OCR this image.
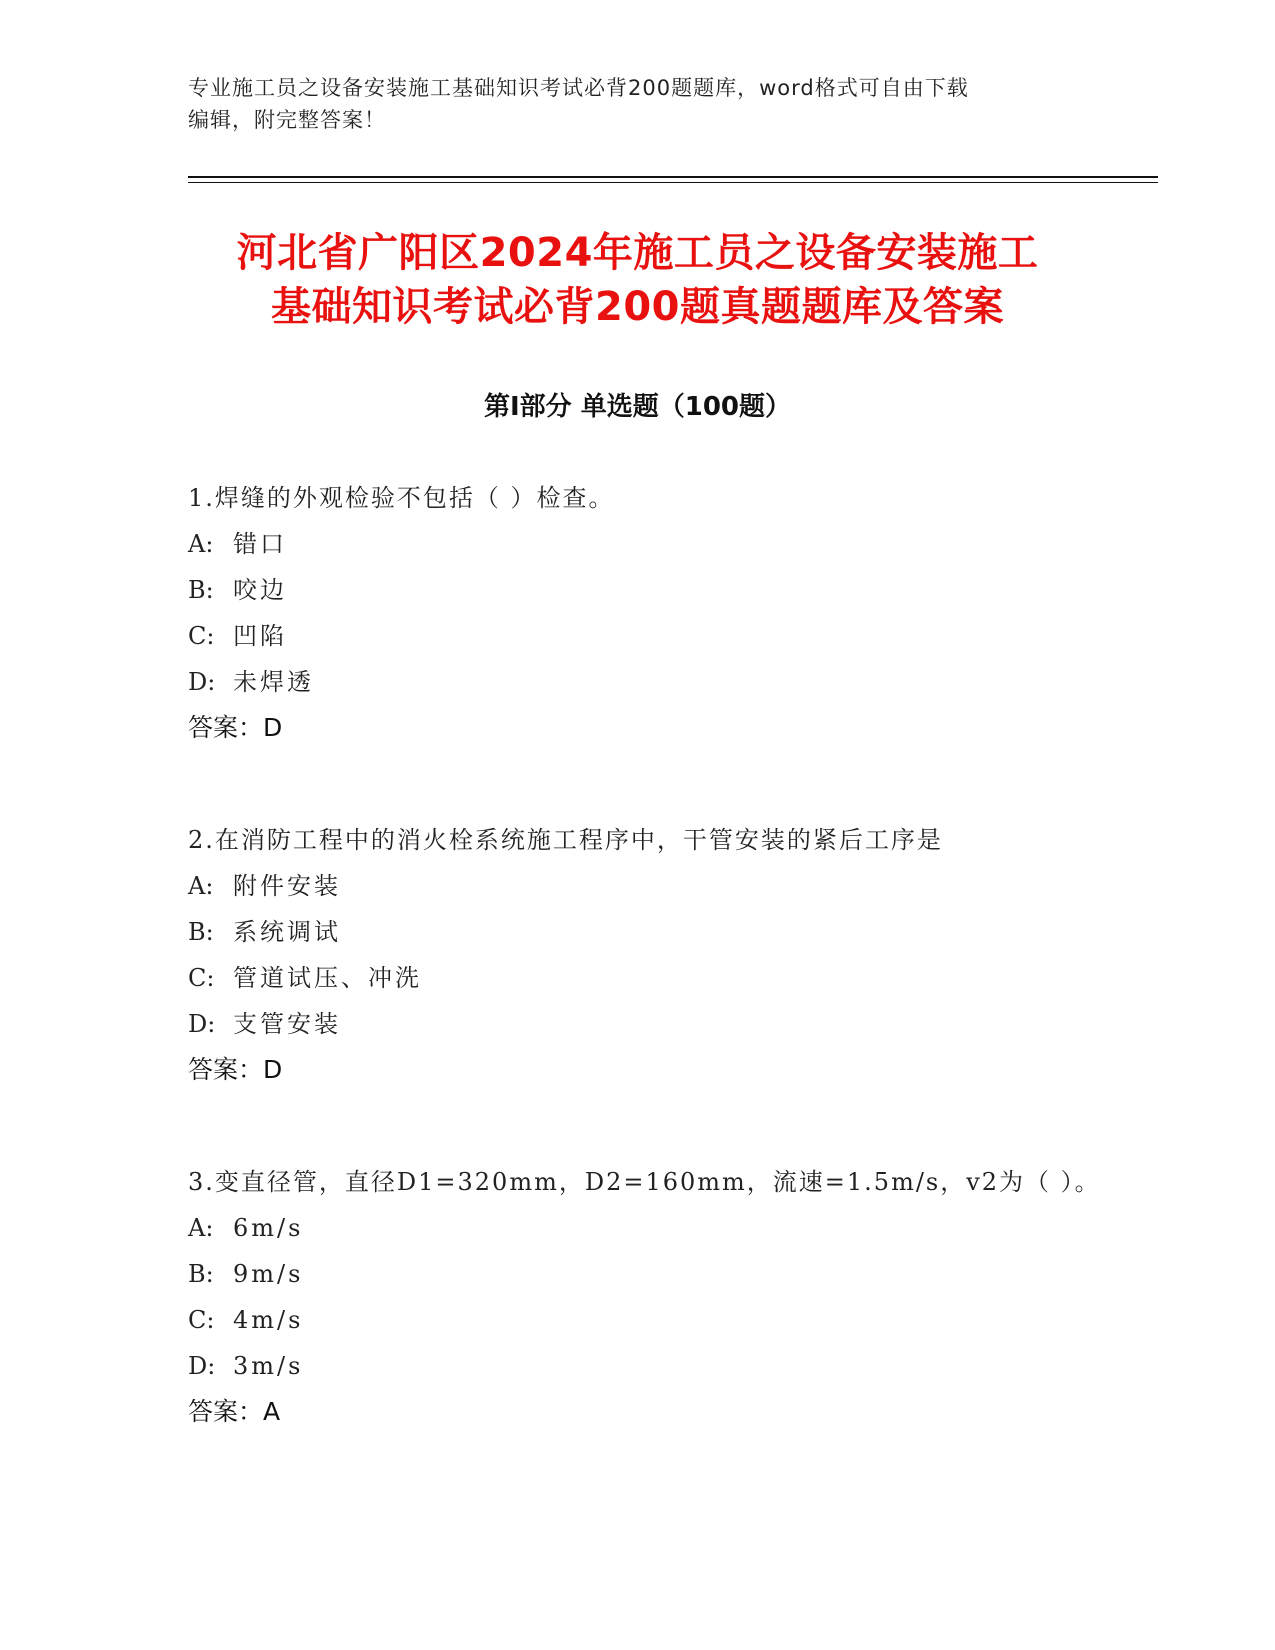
专业施工员之设备安装施工基础知识考试必背200题题库，word格式可自由下载
编辑，附完整答案！
河北省广阳区2024年施工员之设备安装施工
基础知识考试必背200题真题题库及答案
第Ⅰ部分 单选题（100题）
1.焊缝的外观检验不包括（ ）检查。
A: 错口
B: 咬边
C: 凹陷
D: 未焊透
答案：D
2.在消防工程中的消火栓系统施工程序中，干管安装的紧后工序是
A: 附件安装
B: 系统调试
C: 管道试压、冲洗
D: 支管安装
答案：D
3.变直径管，直径D1=320mm，D2=160mm，流速=1.5m/s，v2为（ ）。
A: 6m/s
B: 9m/s
C: 4m/s
D: 3m/s
答案：A
